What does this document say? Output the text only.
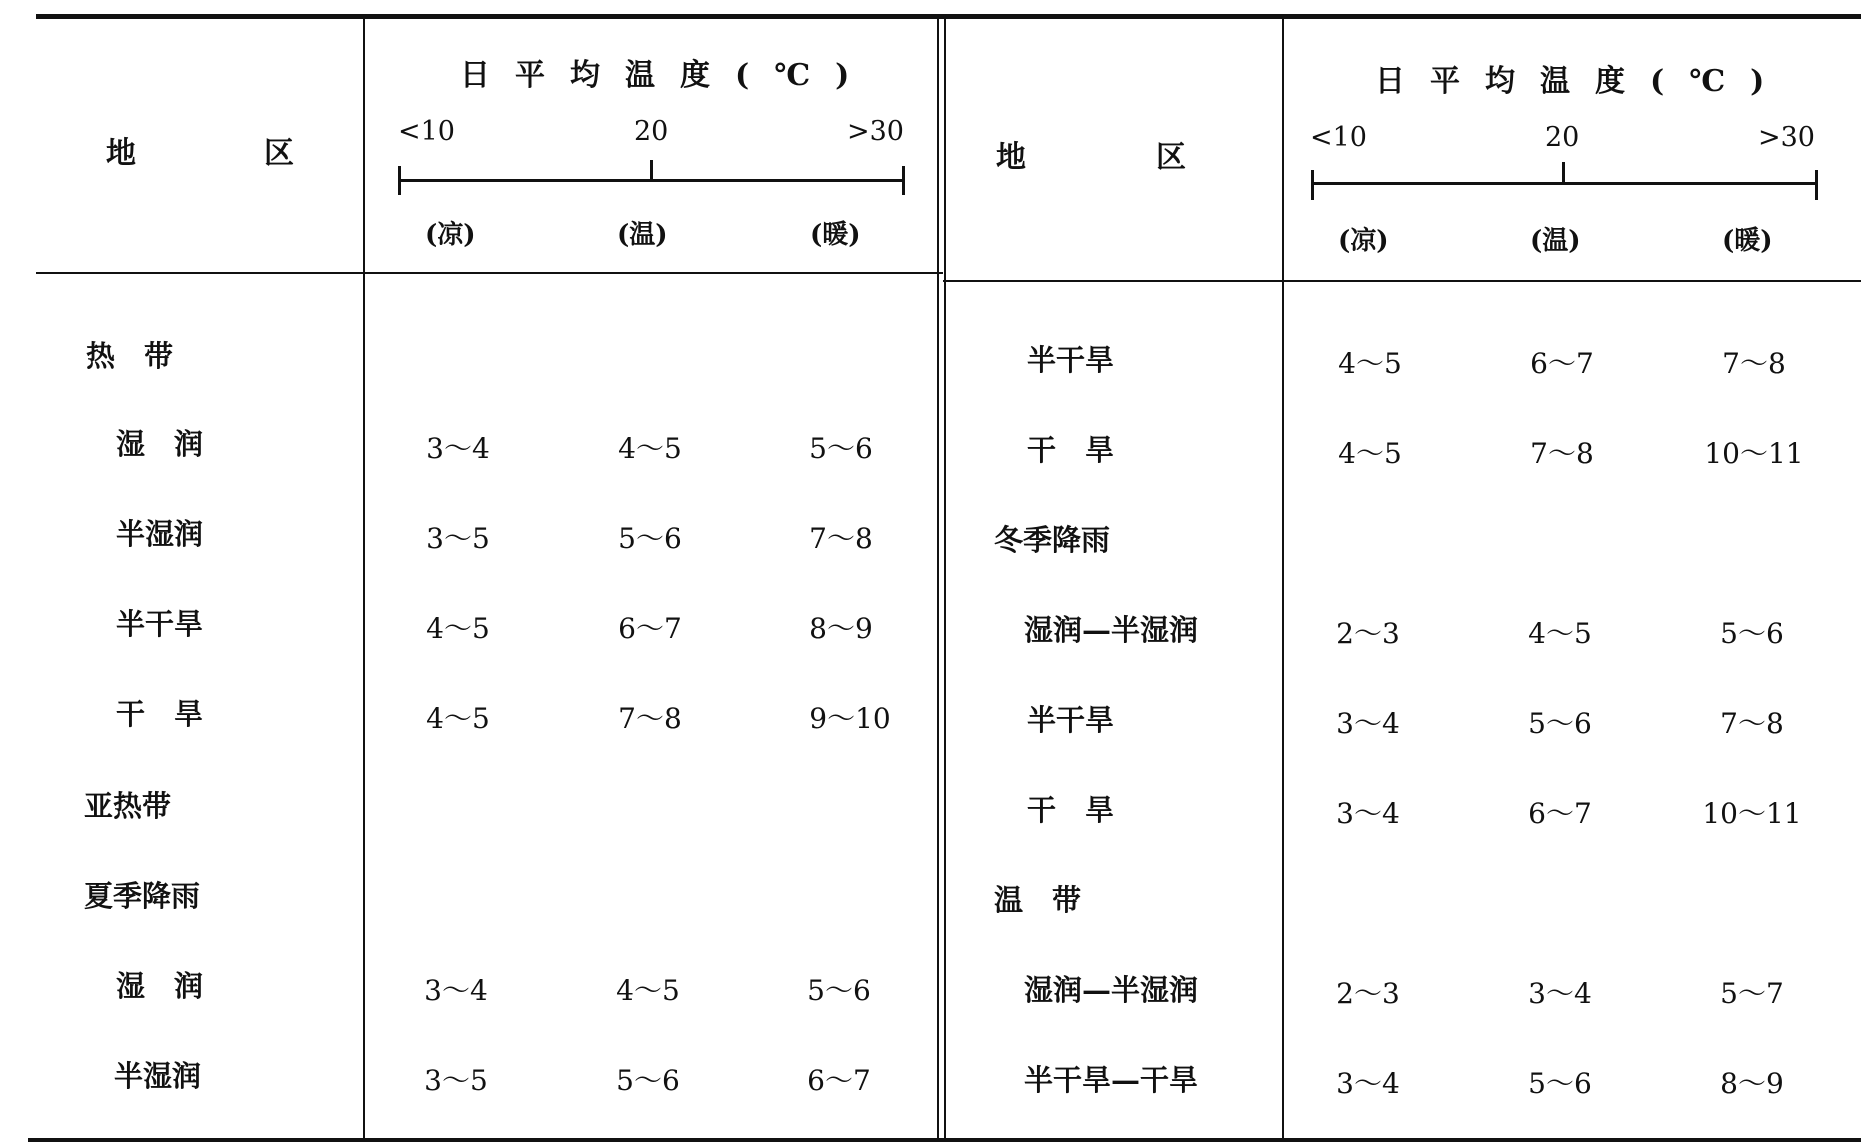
地	区
日平均温度(℃)
<10	20	>30
(凉)	(温)	(暖)
地	区
日平均温度(℃)
<10	20	>30
(凉)	(温)	(暖)
热　带
湿　润	3～4	4～5	5～6
半湿润	3～5	5～6	7～8
半干旱	4～5	6～7	8～9
干　旱	4～5	7～8	9～10
亚热带
夏季降雨
湿　润	3～4	4～5	5～6
半湿润	3～5	5～6	6～7
半干旱	4～5	6～7	7～8
干　旱	4～5	7～8	10～11
冬季降雨
湿润—半湿润	2～3	4～5	5～6
半干旱	3～4	5～6	7～8
干　旱	3～4	6～7	10～11
温　带
湿润—半湿润	2～3	3～4	5～7
半干旱—干旱	3～4	5～6	8～9
